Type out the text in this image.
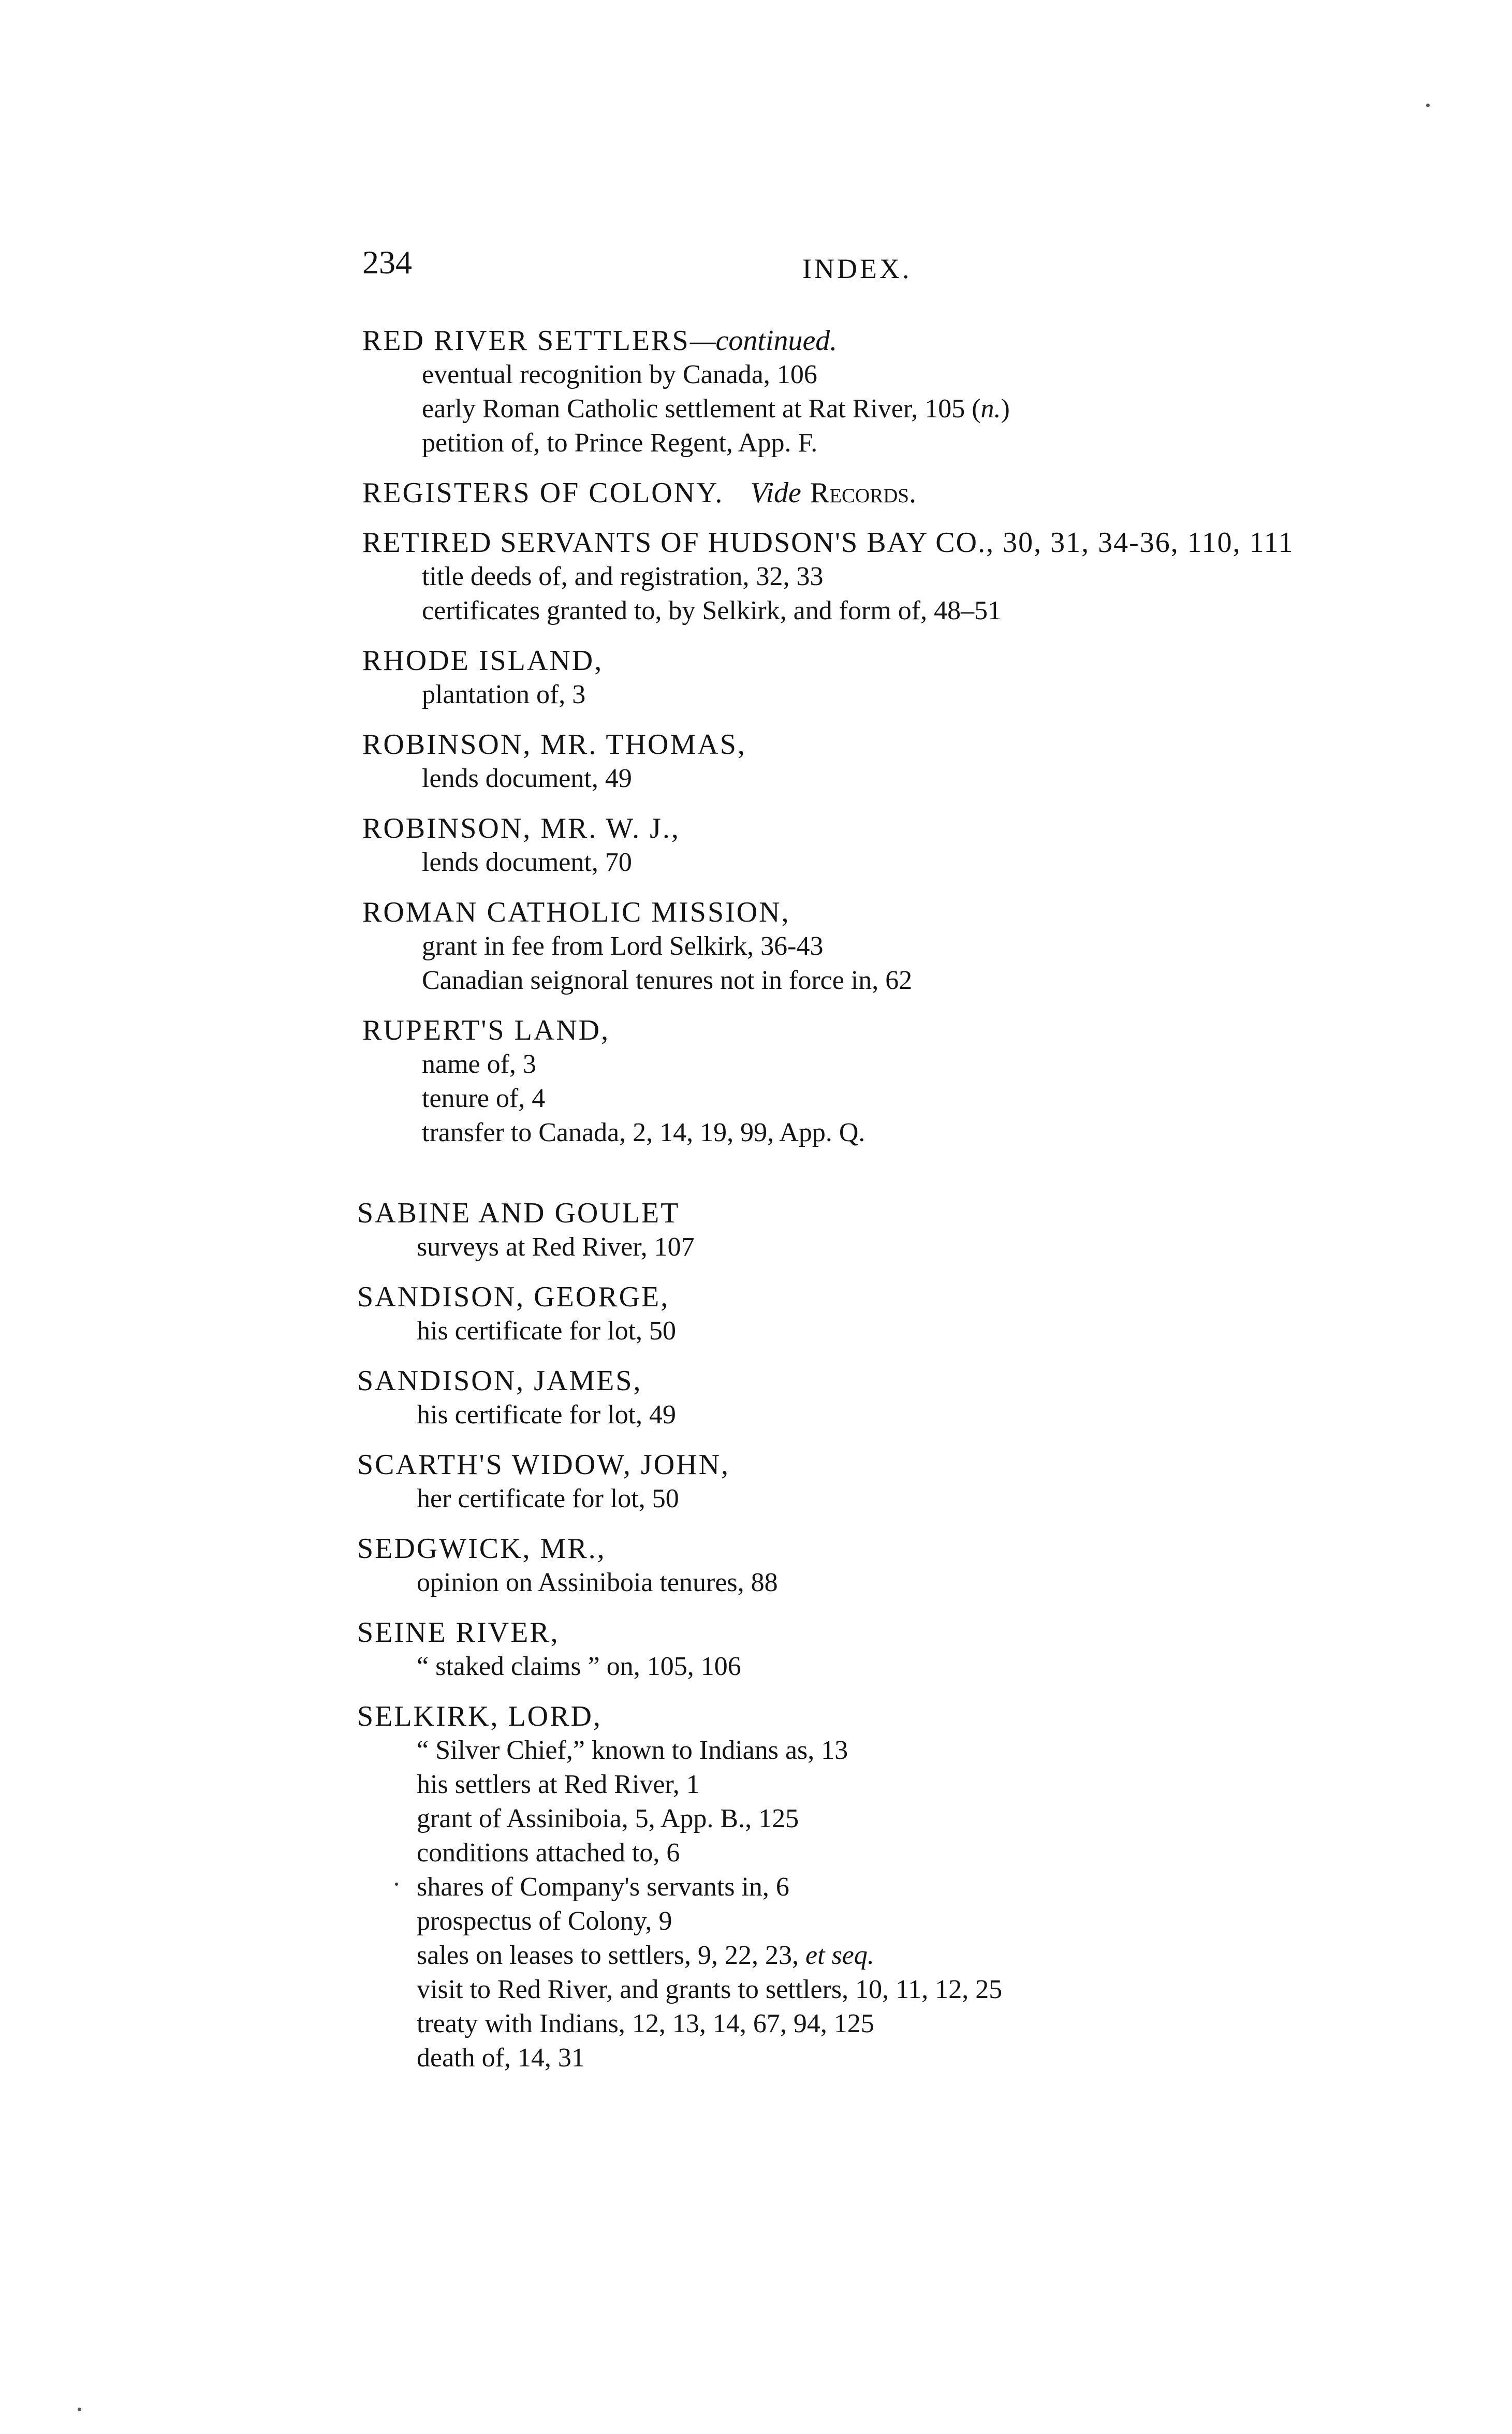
234	INDEX.
RED RIVER SETTLERS—continued.
eventual recognition by Canada, 106
early Roman Catholic settlement at Rat River, 105 (n.)
petition of, to Prince Regent, App. F.
REGISTERS OF COLONY. Vide Records.
RETIRED SERVANTS OF HUDSON'S BAY CO., 30, 31, 34-36, 110, 111
title deeds of, and registration, 32, 33
certificates granted to, by Selkirk, and form of, 48–51
RHODE ISLAND,
plantation of, 3
ROBINSON, MR. THOMAS,
lends document, 49
ROBINSON, MR. W. J.,
lends document, 70
ROMAN CATHOLIC MISSION,
grant in fee from Lord Selkirk, 36-43
Canadian seignoral tenures not in force in, 62
RUPERT'S LAND,
name of, 3
tenure of, 4
transfer to Canada, 2, 14, 19, 99, App. Q.
SABINE AND GOULET
surveys at Red River, 107
SANDISON, GEORGE,
his certificate for lot, 50
SANDISON, JAMES,
his certificate for lot, 49
SCARTH'S WIDOW, JOHN,
her certificate for lot, 50
SEDGWICK, MR.,
opinion on Assiniboia tenures, 88
SEINE RIVER,
“ staked claims ” on, 105, 106
SELKIRK, LORD,
“ Silver Chief,” known to Indians as, 13
his settlers at Red River, 1
grant of Assiniboia, 5, App. B., 125
conditions attached to, 6
shares of Company's servants in, 6
prospectus of Colony, 9
sales on leases to settlers, 9, 22, 23, et seq.
visit to Red River, and grants to settlers, 10, 11, 12, 25
treaty with Indians, 12, 13, 14, 67, 94, 125
death of, 14, 31
